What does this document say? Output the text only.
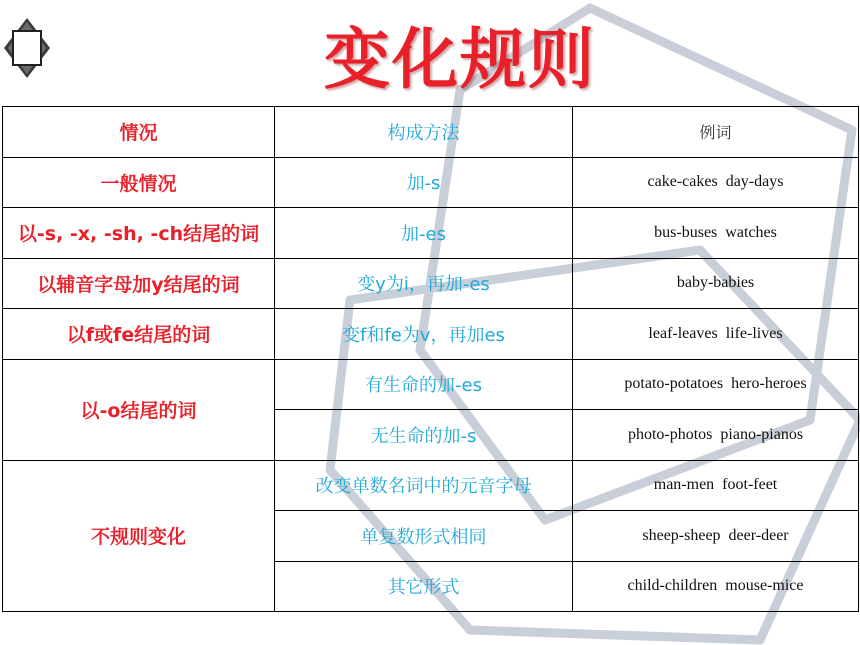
变化规则
情况	构成方法	例词
一般情况	加-s	cake-cakes day-days
以-s, -x, -sh, -ch结尾的词	加-es	bus-buses watches
以辅音字母加y结尾的词	变y为i，再加-es	baby-babies
以f或fe结尾的词	变f和fe为v，再加es	leaf-leaves life-lives
以-o结尾的词	有生命的加-es	potato-potatoes hero-heroes
	无生命的加-s	photo-photos piano-pianos
不规则变化	改变单数名词中的元音字母	man-men foot-feet
	单复数形式相同	sheep-sheep deer-deer
	其它形式	child-children mouse-mice
